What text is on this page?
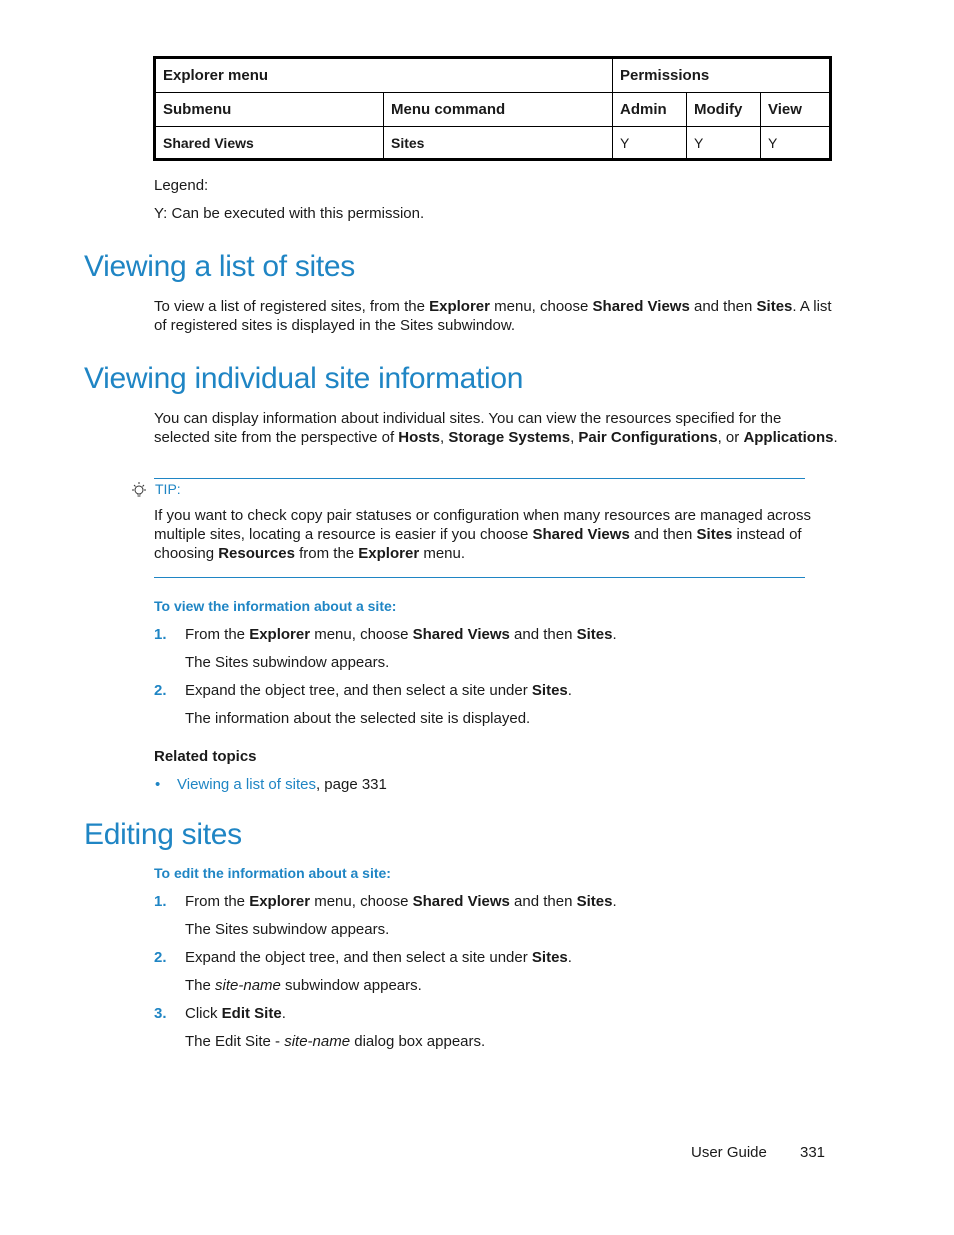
Explorer menu		Permissions		
Submenu	Menu command	Admin	Modify	View
Shared Views	Sites	Y	Y	Y
Legend:
Y: Can be executed with this permission.
Viewing a list of sites
To view a list of registered sites, from the Explorer menu, choose Shared Views and then Sites. A list
of registered sites is displayed in the Sites subwindow.
Viewing individual site information
You can display information about individual sites. You can view the resources specified for the
selected site from the perspective of Hosts, Storage Systems, Pair Configurations, or Applications.
TIP:
If you want to check copy pair statuses or configuration when many resources are managed across
multiple sites, locating a resource is easier if you choose Shared Views and then Sites instead of
choosing Resources from the Explorer menu.
To view the information about a site:
1. From the Explorer menu, choose Shared Views and then Sites.
The Sites subwindow appears.
2. Expand the object tree, and then select a site under Sites.
The information about the selected site is displayed.
Related topics
• Viewing a list of sites, page 331
Editing sites
To edit the information about a site:
1. From the Explorer menu, choose Shared Views and then Sites.
The Sites subwindow appears.
2. Expand the object tree, and then select a site under Sites.
The site-name subwindow appears.
3. Click Edit Site.
The Edit Site - site-name dialog box appears.
User Guide 331
